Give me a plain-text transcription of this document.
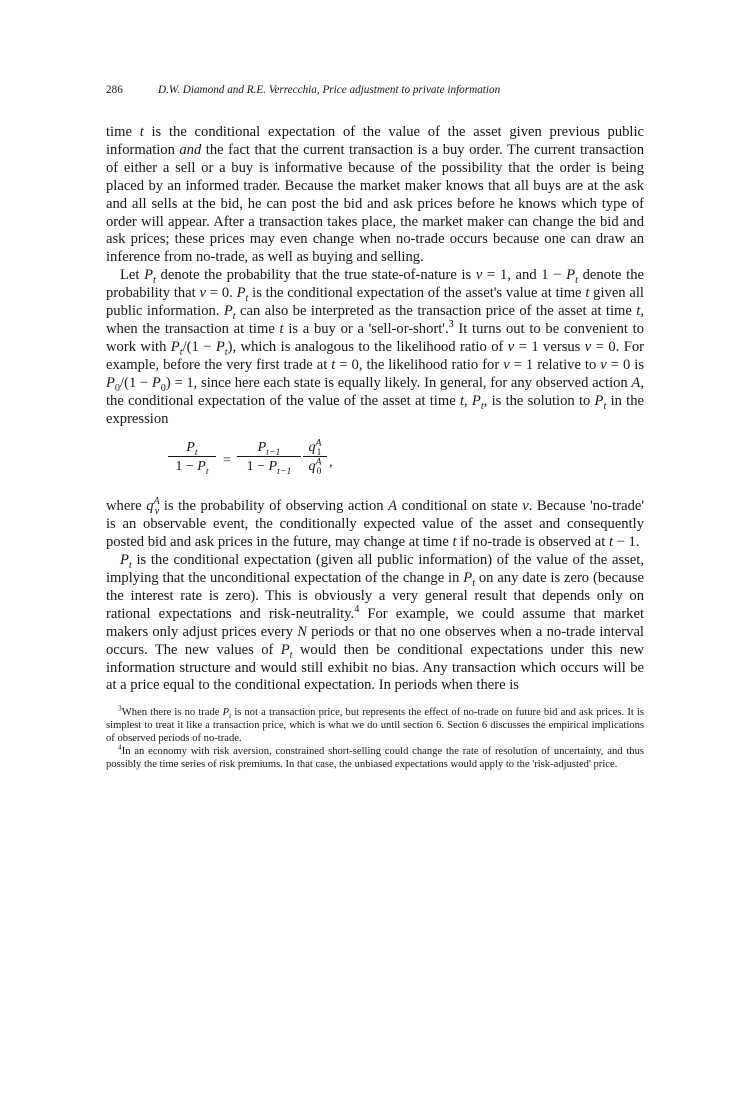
286	D.W. Diamond and R.E. Verrecchia, Price adjustment to private information

time t is the conditional expectation of the value of the asset given previous public information and the fact that the current transaction is a buy order. The current transaction of either a sell or a buy is informative because of the possibility that the order is being placed by an informed trader. Because the market maker knows that all buys are at the ask and all sells at the bid, he can post the bid and ask prices before he knows which type of order will appear. After a transaction takes place, the market maker can change the bid and ask prices; these prices may even change when no-trade occurs because one can draw an inference from no-trade, as well as buying and selling.

Let $P_t$ denote the probability that the true state-of-nature is v = 1, and $1 - P_t$ denote the probability that v = 0. $P_t$ is the conditional expectation of the asset's value at time t given all public information. $P_t$ can also be interpreted as the transaction price of the asset at time t, when the transaction at time t is a buy or a 'sell-or-short'.$^3$ It turns out to be convenient to work with $P_t/(1 - P_t)$, which is analogous to the likelihood ratio of v = 1 versus v = 0. For example, before the very first trade at t = 0, the likelihood ratio for v = 1 relative to v = 0 is $P_0/(1 - P_0) = 1$, since here each state is equally likely. In general, for any observed action A, the conditional expectation of the value of the asset at time t, $P_t$, is the solution to $P_t$ in the expression

$\frac{P_t}{1 - P_t} = \frac{P_{t-1}}{1 - P_{t-1}} \frac{q^A_1}{q^A_0}$ ,

where $q^A_v$ is the probability of observing action A conditional on state v. Because 'no-trade' is an observable event, the conditionally expected value of the asset and consequently posted bid and ask prices in the future, may change at time t if no-trade is observed at t − 1.

$P_t$ is the conditional expectation (given all public information) of the value of the asset, implying that the unconditional expectation of the change in $P_t$ on any date is zero (because the interest rate is zero). This is obviously a very general result that depends only on rational expectations and risk-neutrality.$^4$ For example, we could assume that market makers only adjust prices every N periods or that no one observes when a no-trade interval occurs. The new values of $P_t$ would then be conditional expectations under this new information structure and would still exhibit no bias. Any transaction which occurs will be at a price equal to the conditional expectation. In periods when there is

$^3$When there is no trade $P_t$ is not a transaction price, but represents the effect of no-trade on future bid and ask prices. It is simplest to treat it like a transaction price, which is what we do until section 6. Section 6 discusses the empirical implications of observed periods of no-trade.

$^4$In an economy with risk aversion, constrained short-selling could change the rate of resolution of uncertainty, and thus possibly the time series of risk premiums. In that case, the unbiased expectations would apply to the 'risk-adjusted' price.
